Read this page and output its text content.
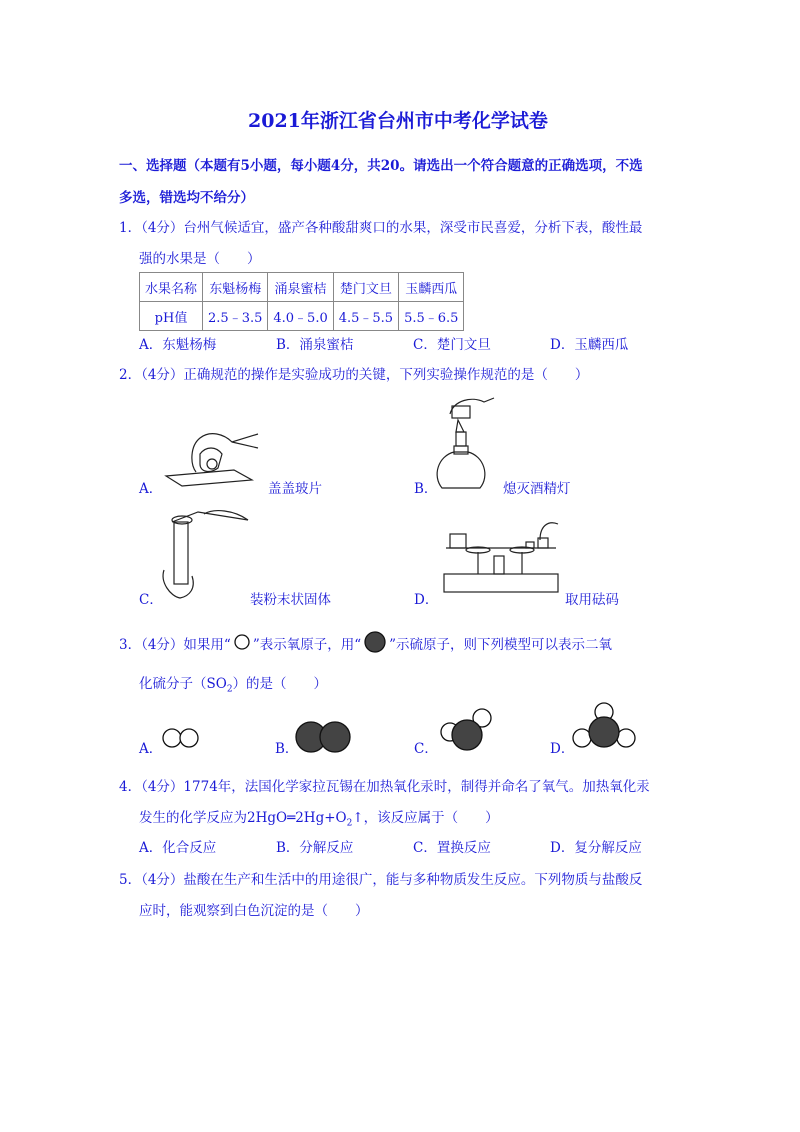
2021年浙江省台州市中考化学试卷
一、选择题（本题有5小题，每小题4分，共20。请选出一个符合题意的正确选项，不选
多选，错选均不给分）
1．（4分）台州气候适宜，盛产各种酸甜爽口的水果，深受市民喜爱，分析下表，酸性最
强的水果是（　　）
水果名称	东魁杨梅	涌泉蜜桔	楚门文旦	玉麟西瓜
pH值	2.5﹣3.5	4.0﹣5.0	4.5﹣5.5	5.5﹣6.5
A．东魁杨梅	B．涌泉蜜桔	C．楚门文旦	D．玉麟西瓜
2．（4分）正确规范的操作是实验成功的关键，下列实验操作规范的是（　　）
A．	盖盖玻片	B．	熄灭酒精灯
C．	装粉末状固体	D．	取用砝码
3．（4分）如果用“ ”表示氧原子，用“ ”示硫原子，则下列模型可以表示二氧
化硫分子$(SO_2)$的是（　　）
A．	B．	C．	D．
4．（4分）1774年，法国化学家拉瓦锡在加热氧化汞时，制得并命名了氧气。加热氧化汞
发生的化学反应为$2HgO═2Hg+O_2↑$，该反应属于（　　）
A．化合反应	B．分解反应	C．置换反应	D．复分解反应
5．（4分）盐酸在生产和生活中的用途很广，能与多种物质发生反应。下列物质与盐酸反
应时，能观察到白色沉淀的是（　　）
